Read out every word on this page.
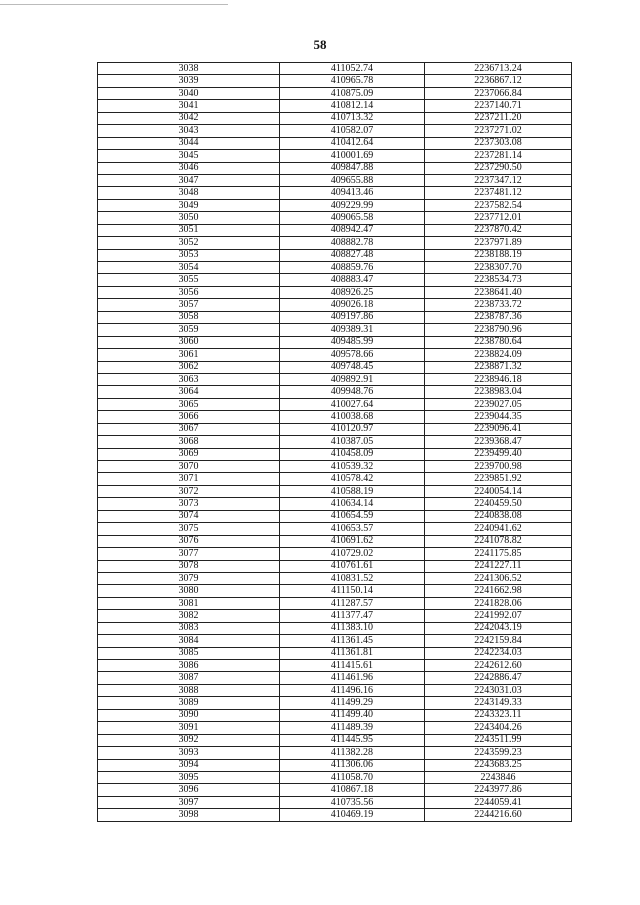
58
3038	411052.74	2236713.24
3039	410965.78	2236867.12
3040	410875.09	2237066.84
3041	410812.14	2237140.71
3042	410713.32	2237211.20
3043	410582.07	2237271.02
3044	410412.64	2237303.08
3045	410001.69	2237281.14
3046	409847.88	2237290.50
3047	409655.88	2237347.12
3048	409413.46	2237481.12
3049	409229.99	2237582.54
3050	409065.58	2237712.01
3051	408942.47	2237870.42
3052	408882.78	2237971.89
3053	408827.48	2238188.19
3054	408859.76	2238307.70
3055	408883.47	2238534.73
3056	408926.25	2238641.40
3057	409026.18	2238733.72
3058	409197.86	2238787.36
3059	409389.31	2238790.96
3060	409485.99	2238780.64
3061	409578.66	2238824.09
3062	409748.45	2238871.32
3063	409892.91	2238946.18
3064	409948.76	2238983.04
3065	410027.64	2239027.05
3066	410038.68	2239044.35
3067	410120.97	2239096.41
3068	410387.05	2239368.47
3069	410458.09	2239499.40
3070	410539.32	2239700.98
3071	410578.42	2239851.92
3072	410588.19	2240054.14
3073	410634.14	2240459.50
3074	410654.59	2240838.08
3075	410653.57	2240941.62
3076	410691.62	2241078.82
3077	410729.02	2241175.85
3078	410761.61	2241227.11
3079	410831.52	2241306.52
3080	411150.14	2241662.98
3081	411287.57	2241828.06
3082	411377.47	2241992.07
3083	411383.10	2242043.19
3084	411361.45	2242159.84
3085	411361.81	2242234.03
3086	411415.61	2242612.60
3087	411461.96	2242886.47
3088	411496.16	2243031.03
3089	411499.29	2243149.33
3090	411499.40	2243323.11
3091	411489.39	2243404.26
3092	411445.95	2243511.99
3093	411382.28	2243599.23
3094	411306.06	2243683.25
3095	411058.70	2243846
3096	410867.18	2243977.86
3097	410735.56	2244059.41
3098	410469.19	2244216.60
